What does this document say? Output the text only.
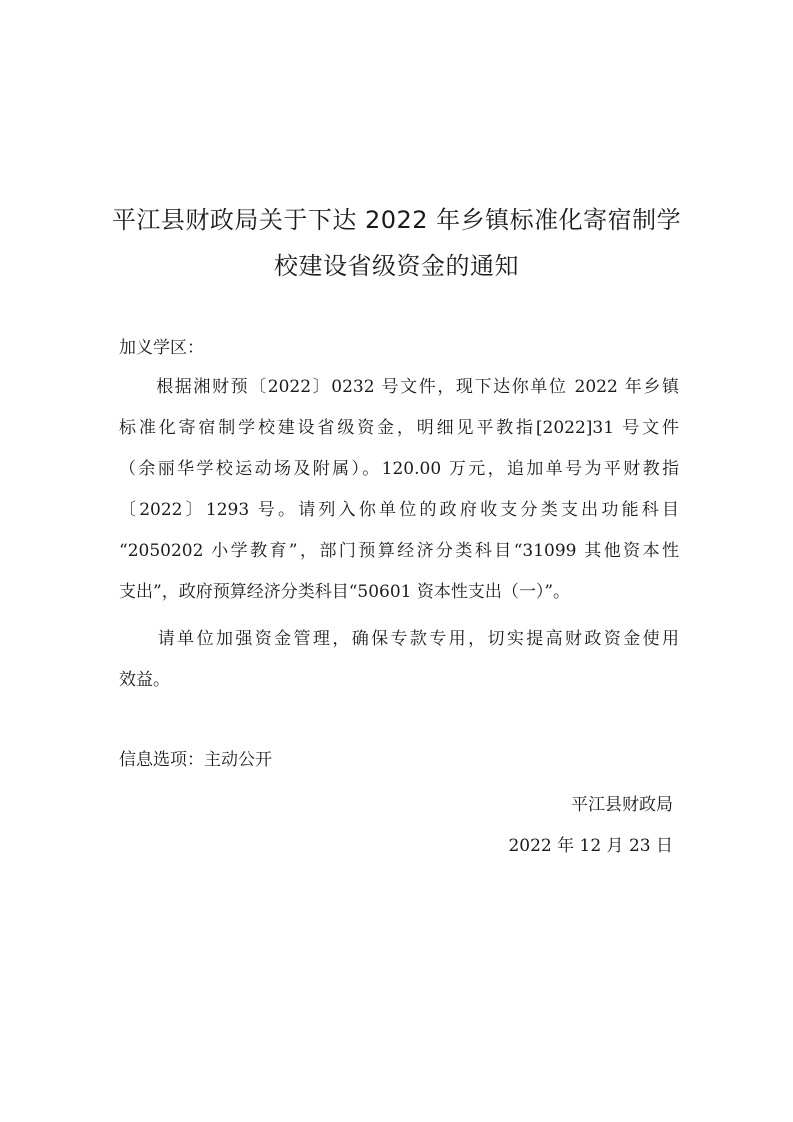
平江县财政局关于下达 2022 年乡镇标准化寄宿制学
校建设省级资金的通知
加义学区：
　　根据湘财预〔2022〕0232 号文件，现下达你单位 2022 年乡镇
标准化寄宿制学校建设省级资金，明细见平教指[2022]31 号文件
（余丽华学校运动场及附属）。120.00 万元，追加单号为平财教指
〔2022〕1293 号。请列入你单位的政府收支分类支出功能科目
“2050202 小学教育”，部门预算经济分类科目“31099 其他资本性
支出”，政府预算经济分类科目“50601 资本性支出（一）”。
　　请单位加强资金管理，确保专款专用，切实提高财政资金使用
效益。
信息选项：主动公开
平江县财政局
2022 年 12 月 23 日
